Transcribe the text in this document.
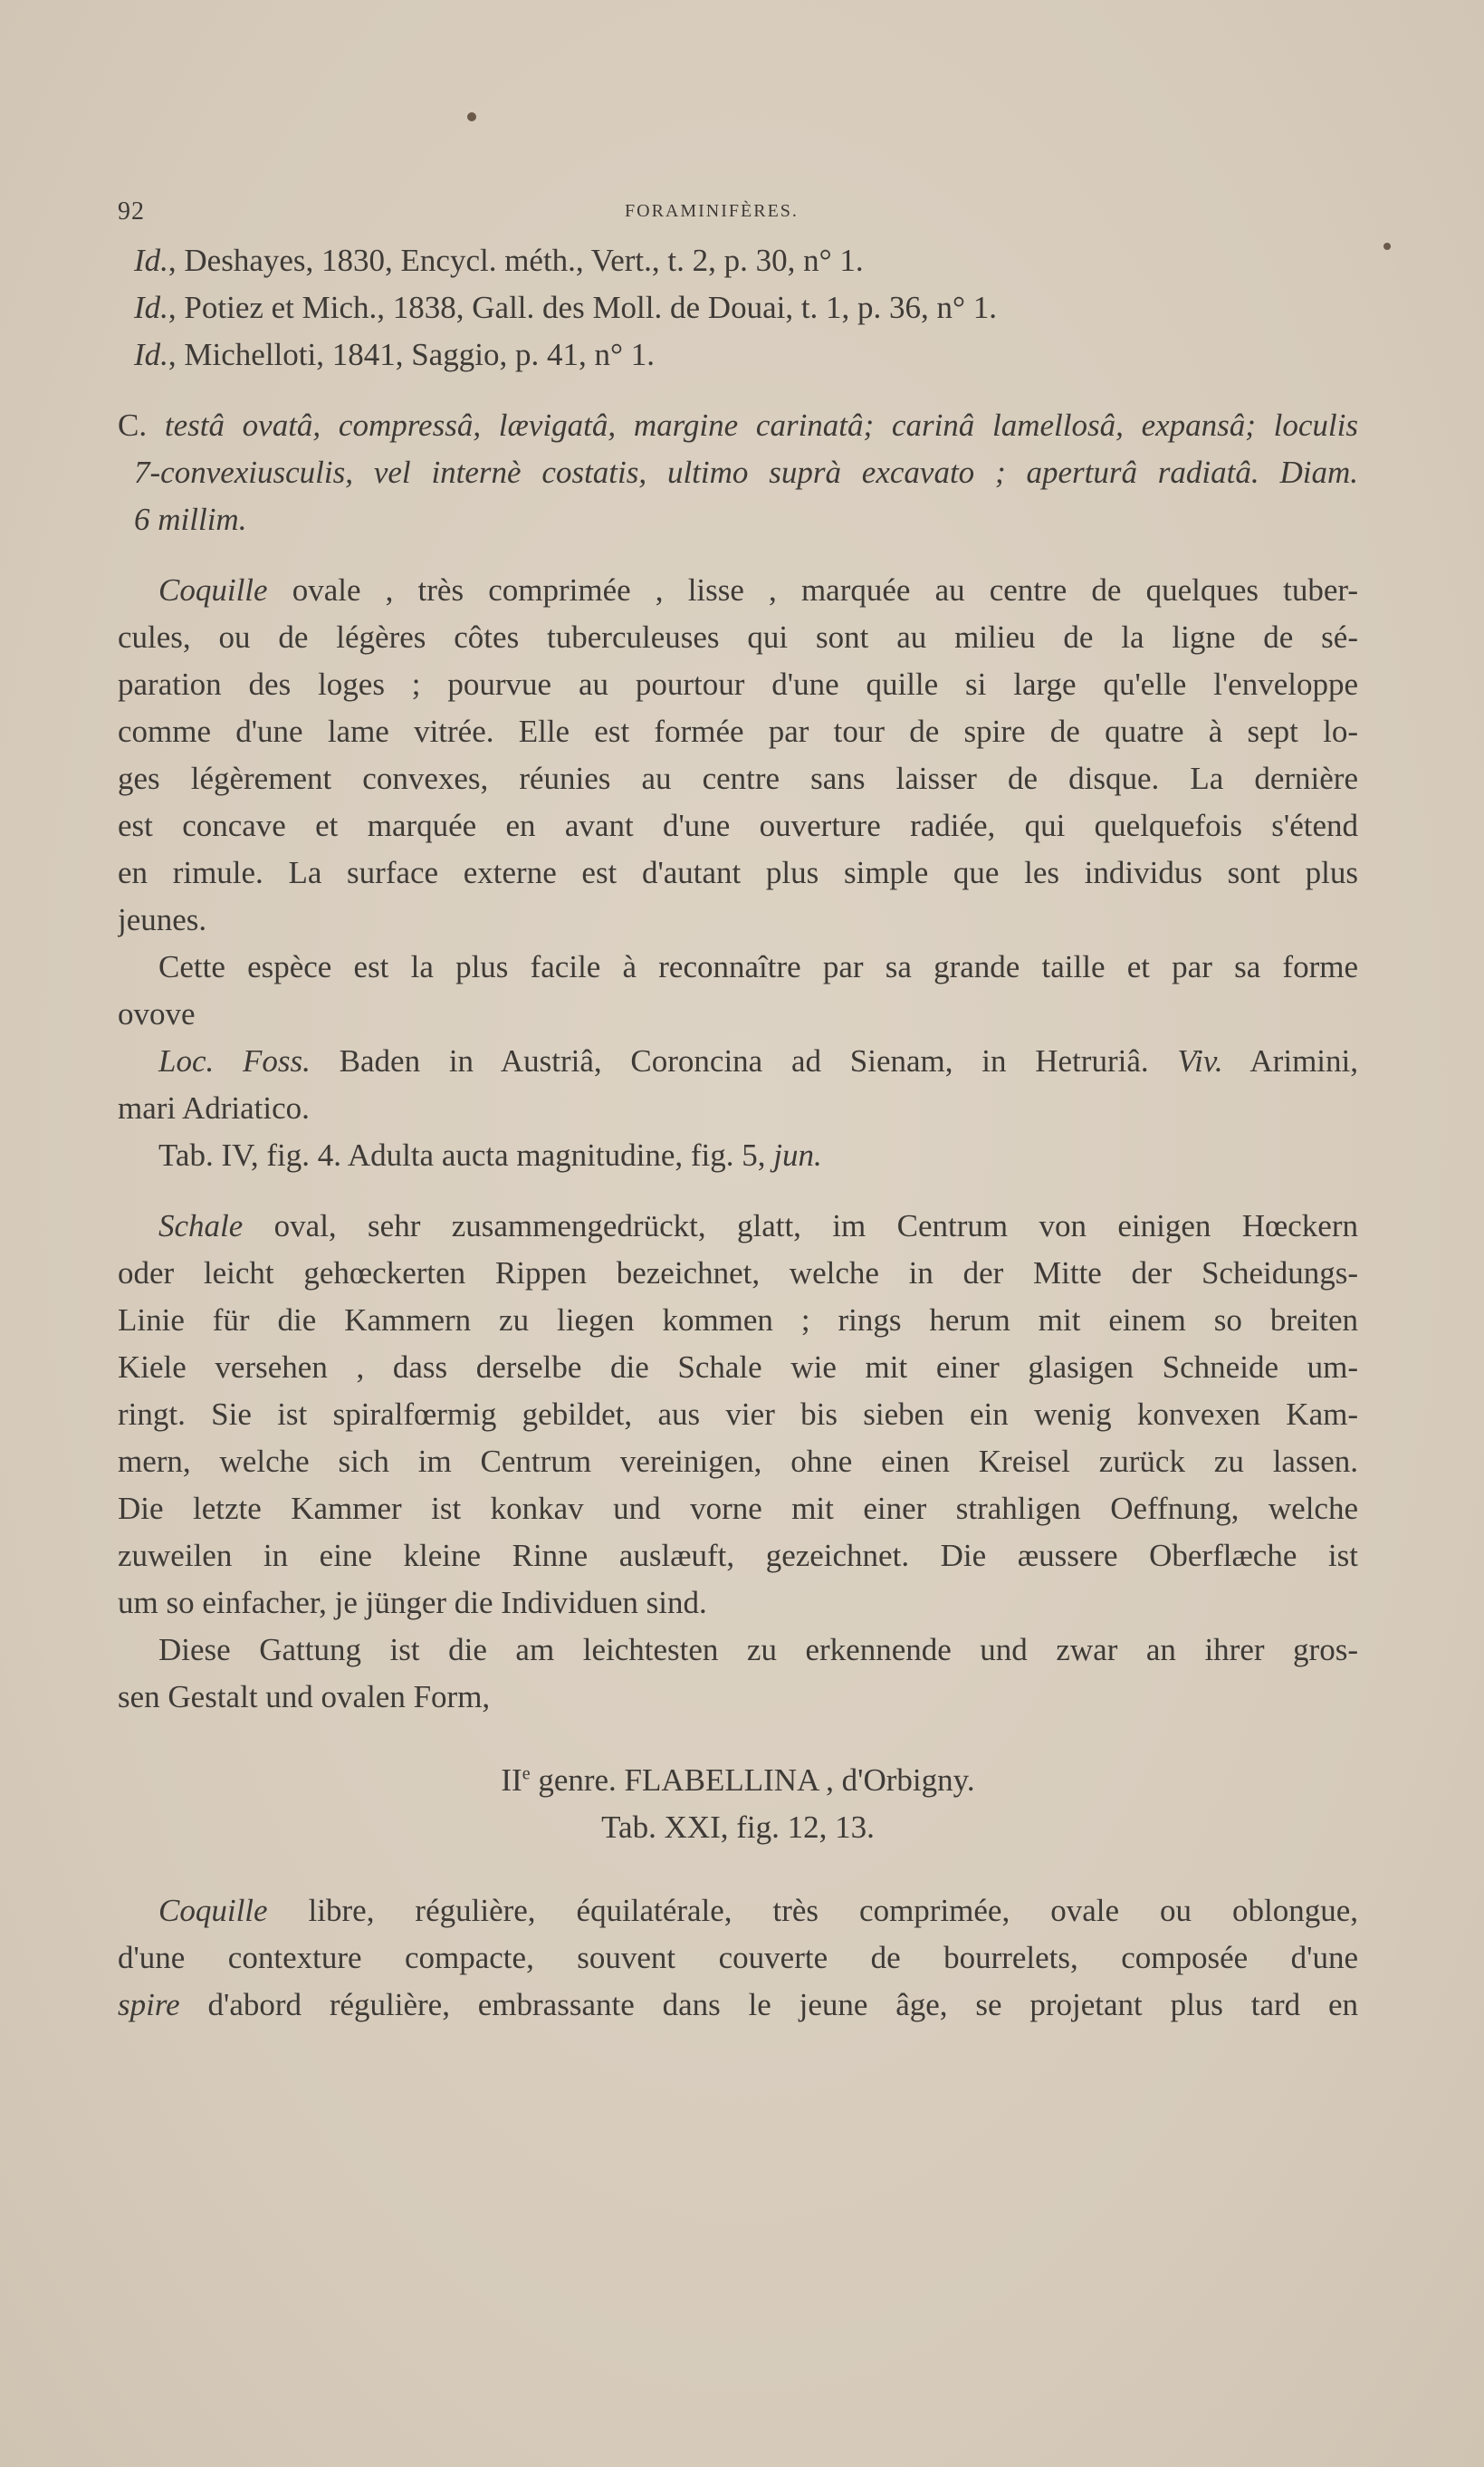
92	FORAMINIFÈRES.
Id., Deshayes, 1830, Encycl. méth., Vert., t. 2, p. 30, n° 1.
Id., Potiez et Mich., 1838, Gall. des Moll. de Douai, t. 1, p. 36, n° 1.
Id., Michelloti, 1841, Saggio, p. 41, n° 1.
C. testâ ovatâ, compressâ, lævigatâ, margine carinatâ; carinâ lamellosâ, expansâ; loculis
7-convexiusculis, vel internè costatis, ultimo suprà excavato ; aperturâ radiatâ. Diam.
6 millim.
Coquille ovale , très comprimée , lisse , marquée au centre de quelques tuber-
cules, ou de légères côtes tuberculeuses qui sont au milieu de la ligne de sé-
paration des loges ; pourvue au pourtour d'une quille si large qu'elle l'enveloppe
comme d'une lame vitrée. Elle est formée par tour de spire de quatre à sept lo-
ges légèrement convexes, réunies au centre sans laisser de disque. La dernière
est concave et marquée en avant d'une ouverture radiée, qui quelquefois s'étend
en rimule. La surface externe est d'autant plus simple que les individus sont plus
jeunes.
Cette espèce est la plus facile à reconnaître par sa grande taille et par sa forme
ovove
Loc. Foss. Baden in Austriâ, Coroncina ad Sienam, in Hetruriâ. Viv. Arimini,
mari Adriatico.
Tab. IV, fig. 4. Adulta aucta magnitudine, fig. 5, jun.
Schale oval, sehr zusammengedrückt, glatt, im Centrum von einigen Hœckern
oder leicht gehœckerten Rippen bezeichnet, welche in der Mitte der Scheidungs-
Linie für die Kammern zu liegen kommen ; rings herum mit einem so breiten
Kiele versehen , dass derselbe die Schale wie mit einer glasigen Schneide um-
ringt. Sie ist spiralfœrmig gebildet, aus vier bis sieben ein wenig konvexen Kam-
mern, welche sich im Centrum vereinigen, ohne einen Kreisel zurück zu lassen.
Die letzte Kammer ist konkav und vorne mit einer strahligen Oeffnung, welche
zuweilen in eine kleine Rinne auslæuft, gezeichnet. Die æussere Oberflæche ist
um so einfacher, je jünger die Individuen sind.
Diese Gattung ist die am leichtesten zu erkennende und zwar an ihrer gros-
sen Gestalt und ovalen Form,
IIe genre. FLABELLINA , d'Orbigny.
Tab. XXI, fig. 12, 13.
Coquille libre, régulière, équilatérale, très comprimée, ovale ou oblongue,
d'une contexture compacte, souvent couverte de bourrelets, composée d'une
spire d'abord régulière, embrassante dans le jeune âge, se projetant plus tard en
